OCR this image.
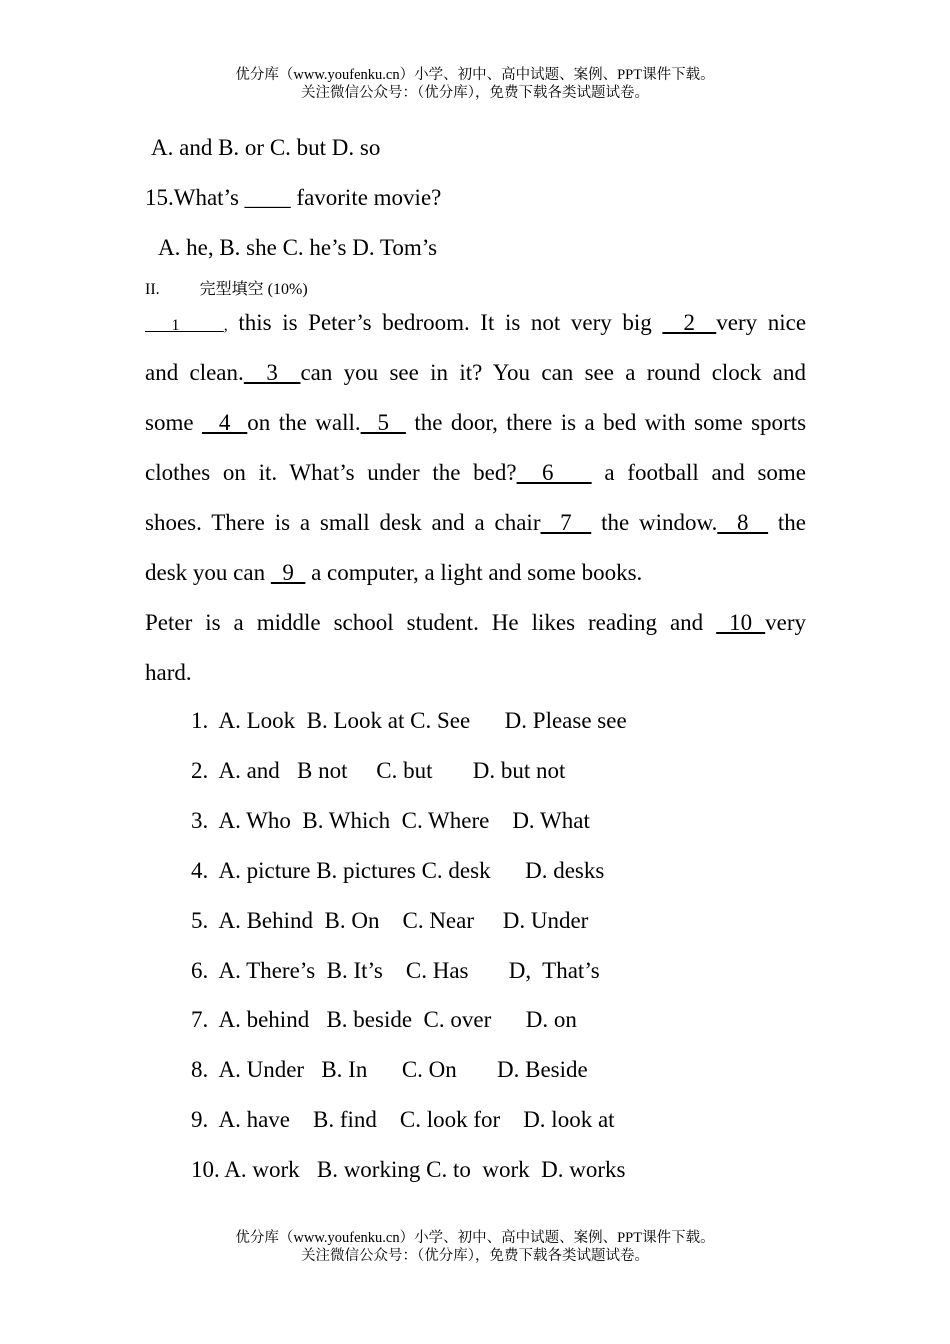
优分库（www.youfenku.cn）小学、初中、高中试题、案例、PPT课件下载。
关注微信公众号：（优分库），免费下载各类试题试卷。
A. and B. or C. but D. so
15.What’s ____ favorite movie?
A. he, B. she C. he’s D. Tom’s
II.	完型填空 (10%)
1     , this is Peter’s bedroom. It is not very big   2  very nice
and clean.  3  can you see in it? You can see a round clock and
some   4  on the wall.  5   the door, there is a bed with some sports
clothes on it. What’s under the bed?  6    a football and some
shoes. There is a small desk and a chair  7   the window.  8   the
desk you can   9   a computer, a light and some books.
Peter is a middle school student. He likes reading and  10 very
hard.
1.  A. Look  B. Look at C. See      D. Please see
2.  A. and   B not     C. but       D. but not
3.  A. Who  B. Which  C. Where    D. What
4.  A. picture B. pictures C. desk      D. desks
5.  A. Behind  B. On    C. Near     D. Under
6.  A. There’s  B. It’s    C. Has       D,  That’s
7.  A. behind   B. beside  C. over      D. on
8.  A. Under   B. In      C. On       D. Beside
9.  A. have    B. find    C. look for    D. look at
10. A. work   B. working C. to  work  D. works
优分库（www.youfenku.cn）小学、初中、高中试题、案例、PPT课件下载。
关注微信公众号：（优分库），免费下载各类试题试卷。
